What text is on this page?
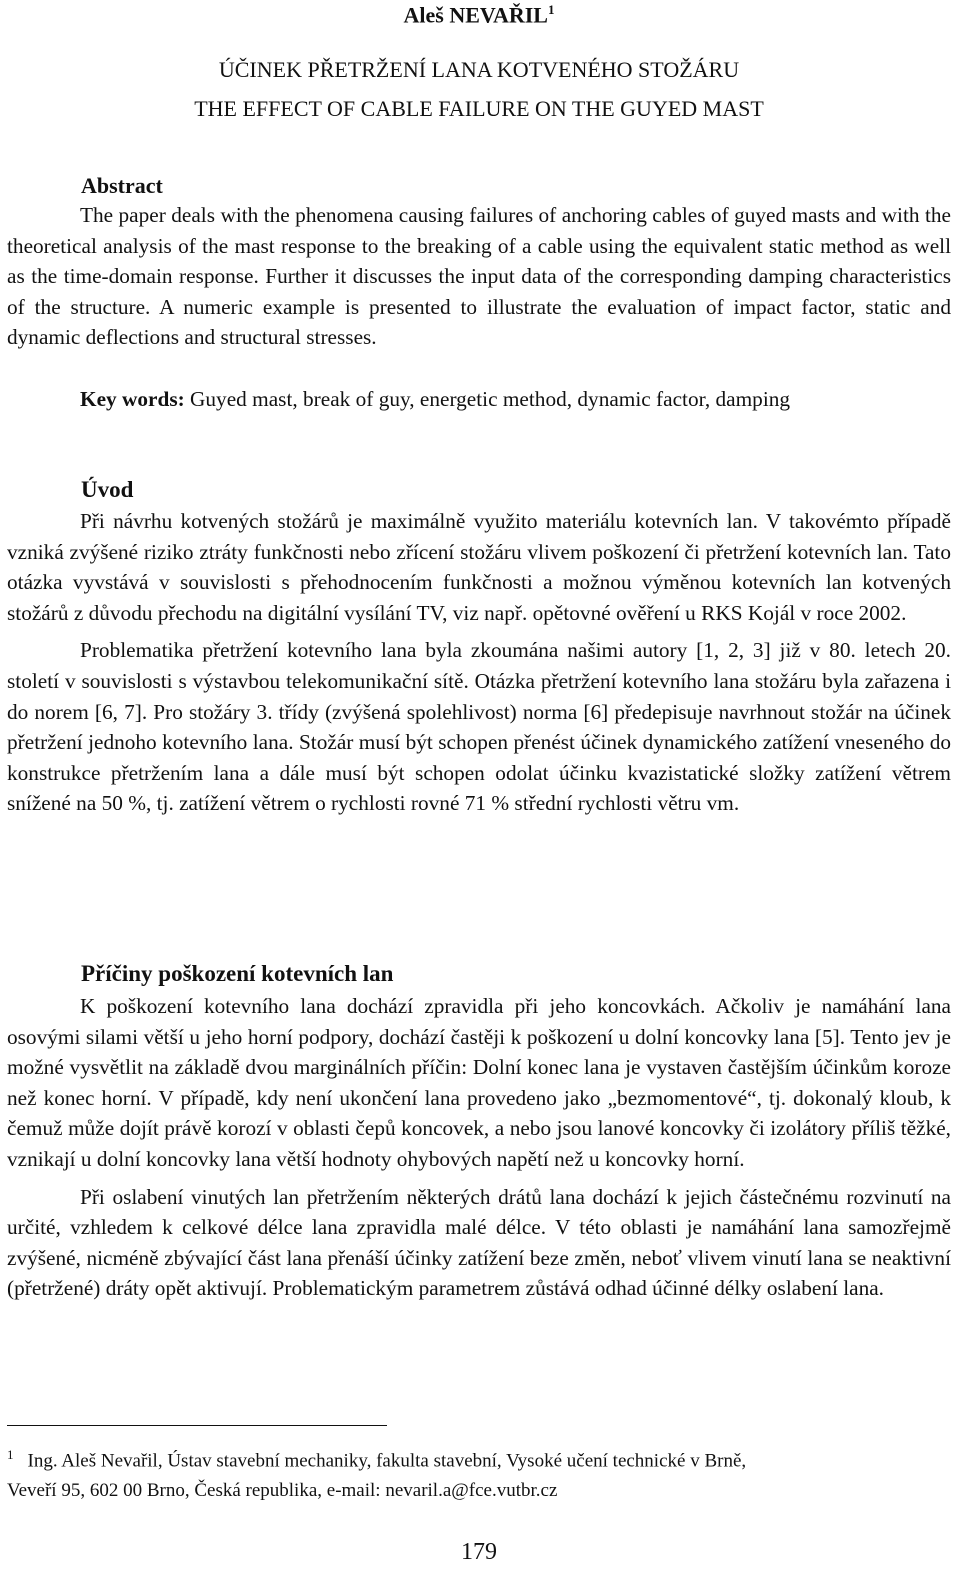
Aleš NEVAŘIL$^1$
ÚČINEK PŘETRŽENÍ LANA KOTVENÉHO STOŽÁRU
THE EFFECT OF CABLE FAILURE ON THE GUYED MAST
Abstract

The paper deals with the phenomena causing failures of anchoring cables of guyed masts and with the theoretical analysis of the mast response to the breaking of a cable using the equivalent static method as well as the time-domain response. Further it discusses the input data of the corresponding damping characteristics of the structure. A numeric example is presented to illustrate the evaluation of impact factor, static and dynamic deflections and structural stresses.

Key words: Guyed mast, break of guy, energetic method, dynamic factor, damping

Úvod

Při návrhu kotvených stožárů je maximálně využito materiálu kotevních lan. V takovémto případě vzniká zvýšené riziko ztráty funkčnosti nebo zřícení stožáru vlivem poškození či přetržení kotevních lan. Tato otázka vyvstává v souvislosti s přehodnocením funkčnosti a možnou výměnou kotevních lan kotvených stožárů z důvodu přechodu na digitální vysílání TV, viz např. opětovné ověření u RKS Kojál v roce 2002.

Problematika přetržení kotevního lana byla zkoumána našimi autory [1, 2, 3] již v 80. letech 20. století v souvislosti s výstavbou telekomunikační sítě. Otázka přetržení kotevního lana stožáru byla zařazena i do norem [6, 7]. Pro stožáry 3. třídy (zvýšená spolehlivost) norma [6] předepisuje navrhnout stožár na účinek přetržení jednoho kotevního lana. Stožár musí být schopen přenést účinek dynamického zatížení vneseného do konstrukce přetržením lana a dále musí být schopen odolat účinku kvazistatické složky zatížení větrem snížené na 50 %, tj. zatížení větrem o rychlosti rovné 71 % střední rychlosti větru vm.

Příčiny poškození kotevních lan

K poškození kotevního lana dochází zpravidla při jeho koncovkách. Ačkoliv je namáhání lana osovými silami větší u jeho horní podpory, dochází častěji k poškození u dolní koncovky lana [5]. Tento jev je možné vysvětlit na základě dvou marginálních příčin: Dolní konec lana je vystaven častějším účinkům koroze než konec horní. V případě, kdy není ukončení lana provedeno jako „bezmomentové“, tj. dokonalý kloub, k čemuž může dojít právě korozí v oblasti čepů koncovek, a nebo jsou lanové koncovky či izolátory příliš těžké, vznikají u dolní koncovky lana větší hodnoty ohybových napětí než u koncovky horní.

Při oslabení vinutých lan přetržením některých drátů lana dochází k jejich částečnému rozvinutí na určité, vzhledem k celkové délce lana zpravidla malé délce. V této oblasti je namáhání lana samozřejmě zvýšené, nicméně zbývající část lana přenáší účinky zatížení beze změn, neboť vlivem vinutí lana se neaktivní (přetržené) dráty opět aktivují. Problematickým parametrem zůstává odhad účinné délky oslabení lana.

$^1$ Ing. Aleš Nevařil, Ústav stavební mechaniky, fakulta stavební, Vysoké učení technické v Brně,
Veveří 95, 602 00 Brno, Česká republika, e-mail: nevaril.a@fce.vutbr.cz
179
